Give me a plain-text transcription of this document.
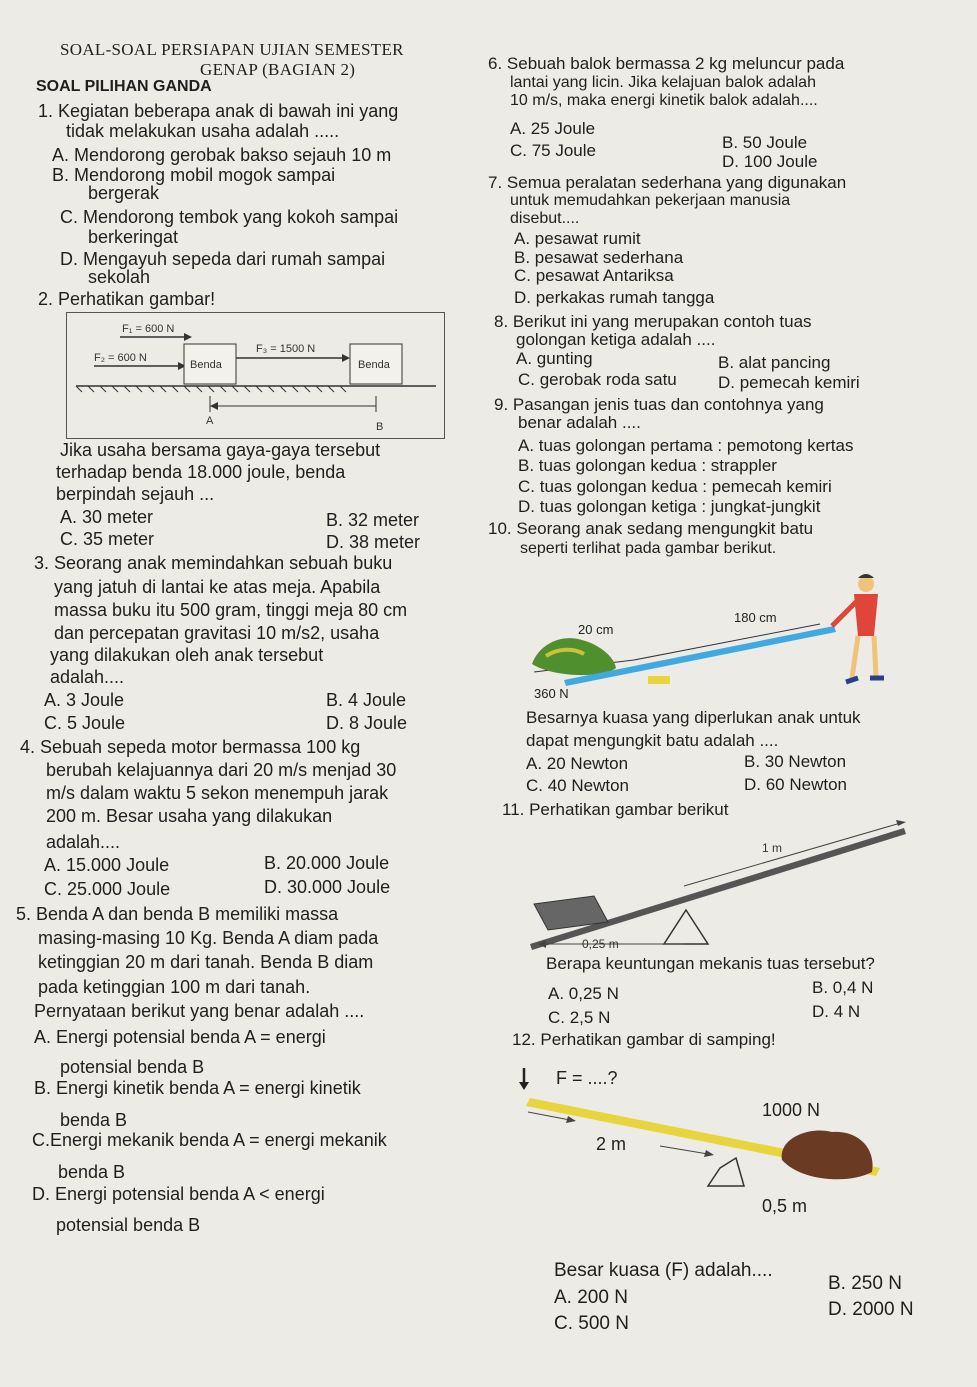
SOAL-SOAL PERSIAPAN UJIAN SEMESTER
GENAP (BAGIAN 2)
SOAL PILIHAN GANDA
1. Kegiatan beberapa anak di bawah ini yang
tidak melakukan usaha adalah .....
A. Mendorong gerobak bakso sejauh 10 m
B. Mendorong mobil mogok sampai
bergerak
C. Mendorong tembok yang kokoh sampai
berkeringat
D. Mengayuh sepeda dari rumah sampai
sekolah
2. Perhatikan gambar!
F₁ = 600 N
F₂ = 600 N
Benda
F₃ = 1500 N
Benda
A	B
Jika usaha bersama gaya-gaya tersebut
terhadap benda 18.000 joule, benda
berpindah sejauh ...
A. 30 meter	B. 32 meter
C. 35 meter	D. 38 meter
3. Seorang anak memindahkan sebuah buku
yang jatuh di lantai ke atas meja. Apabila
massa buku itu 500 gram, tinggi meja 80 cm
dan percepatan gravitasi 10 m/s2, usaha
yang dilakukan oleh anak tersebut
adalah....
A. 3 Joule	B. 4 Joule
C. 5 Joule	D. 8 Joule
4. Sebuah sepeda motor bermassa 100 kg
berubah kelajuannya dari 20 m/s menjad 30
m/s dalam waktu 5 sekon menempuh jarak
200 m. Besar usaha yang dilakukan
adalah....
A. 15.000 Joule	B. 20.000 Joule
C. 25.000 Joule	D. 30.000 Joule
5. Benda A dan benda B memiliki massa
masing-masing 10 Kg. Benda A diam pada
ketinggian 20 m dari tanah. Benda B diam
pada ketinggian 100 m dari tanah.
Pernyataan berikut yang benar adalah ....
A. Energi potensial benda A = energi
potensial benda B
B. Energi kinetik benda A = energi kinetik
benda B
C.Energi mekanik benda A = energi mekanik
benda B
D. Energi potensial benda A < energi
potensial benda B
6. Sebuah balok bermassa 2 kg meluncur pada
lantai yang licin. Jika kelajuan balok adalah
10 m/s, maka energi kinetik balok adalah....
A. 25 Joule
B. 50 Joule
C. 75 Joule
D. 100 Joule
7. Semua peralatan sederhana yang digunakan
untuk memudahkan pekerjaan manusia
disebut....
A. pesawat rumit
B. pesawat sederhana
C. pesawat Antariksa
D. perkakas rumah tangga
8. Berikut ini yang merupakan contoh tuas
golongan ketiga adalah ....
A. gunting	B. alat pancing
C. gerobak roda satu D. pemecah kemiri
9. Pasangan jenis tuas dan contohnya yang
benar adalah ....
A. tuas golongan pertama : pemotong kertas
B. tuas golongan kedua : strappler
C. tuas golongan kedua : pemecah kemiri
D. tuas golongan ketiga : jungkat-jungkit
10. Seorang anak sedang mengungkit batu
seperti terlihat pada gambar berikut.
20 cm
180 cm
360 N
Besarnya kuasa yang diperlukan anak untuk
dapat mengungkit batu adalah ....
A. 20 Newton	B. 30 Newton
C. 40 Newton	D. 60 Newton
11. Perhatikan gambar berikut
1 m
0,25 m
Berapa keuntungan mekanis tuas tersebut?
A. 0,25 N	B. 0,4 N
C. 2,5 N	D. 4 N
12. Perhatikan gambar di samping!
F = ....?
1000 N
2 m
0,5 m
Besar kuasa (F) adalah....
A. 200 N
B. 250 N
C. 500 N
D. 2000 N
